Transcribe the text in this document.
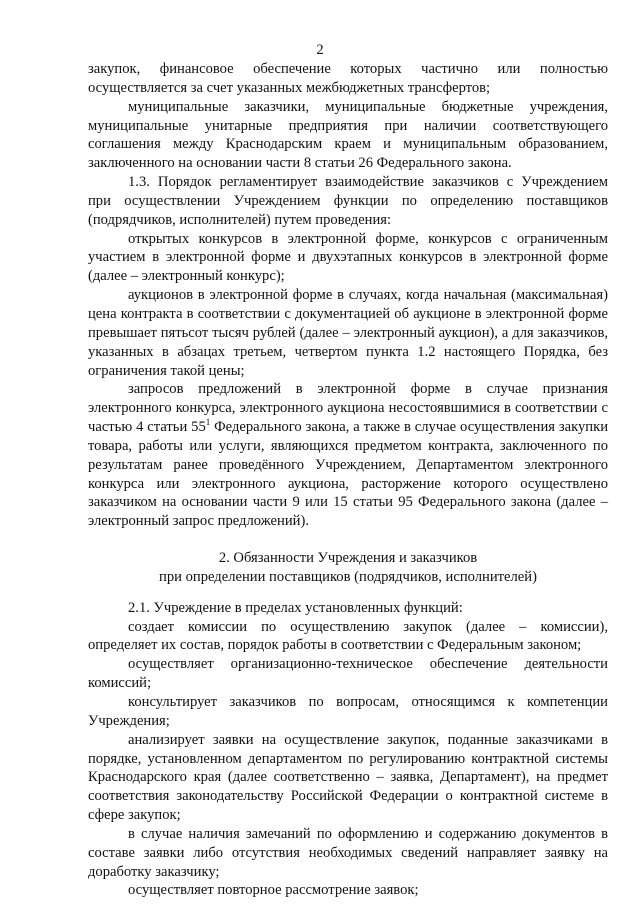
2

закупок, финансовое обеспечение которых частично или полностью осуществляется за счет указанных межбюджетных трансфертов;

муниципальные заказчики, муниципальные бюджетные учреждения, муниципальные унитарные предприятия при наличии соответствующего соглашения между Краснодарским краем и муниципальным образованием, заключенного на основании части 8 статьи 26 Федерального закона.

1.3. Порядок регламентирует взаимодействие заказчиков с Учреждением при осуществлении Учреждением функции по определению поставщиков (подрядчиков, исполнителей) путем проведения:

открытых конкурсов в электронной форме, конкурсов с ограниченным участием в электронной форме и двухэтапных конкурсов в электронной форме (далее – электронный конкурс);

аукционов в электронной форме в случаях, когда начальная (максимальная) цена контракта в соответствии с документацией об аукционе в электронной форме превышает пятьсот тысяч рублей (далее – электронный аукцион), а для заказчиков, указанных в абзацах третьем, четвертом пункта 1.2 настоящего Порядка, без ограничения такой цены;

запросов предложений в электронной форме в случае признания электронного конкурса, электронного аукциона несостоявшимися в соответствии с частью 4 статьи $55^1$ Федерального закона, а также в случае осуществления закупки товара, работы или услуги, являющихся предметом контракта, заключенного по результатам ранее проведённого Учреждением, Департаментом электронного конкурса или электронного аукциона, расторжение которого осуществлено заказчиком на основании части 9 или 15 статьи 95 Федерального закона (далее – электронный запрос предложений).

2. Обязанности Учреждения и заказчиков

при определении поставщиков (подрядчиков, исполнителей)

2.1. Учреждение в пределах установленных функций:

создает комиссии по осуществлению закупок (далее – комиссии), определяет их состав, порядок работы в соответствии с Федеральным законом;

осуществляет организационно-техническое обеспечение деятельности комиссий;

консультирует заказчиков по вопросам, относящимся к компетенции Учреждения;

анализирует заявки на осуществление закупок, поданные заказчиками в порядке, установленном департаментом по регулированию контрактной системы Краснодарского края (далее соответственно – заявка, Департамент), на предмет соответствия законодательству Российской Федерации о контрактной системе в сфере закупок;

в случае наличия замечаний по оформлению и содержанию документов в составе заявки либо отсутствия необходимых сведений направляет заявку на доработку заказчику;

осуществляет повторное рассмотрение заявок;
